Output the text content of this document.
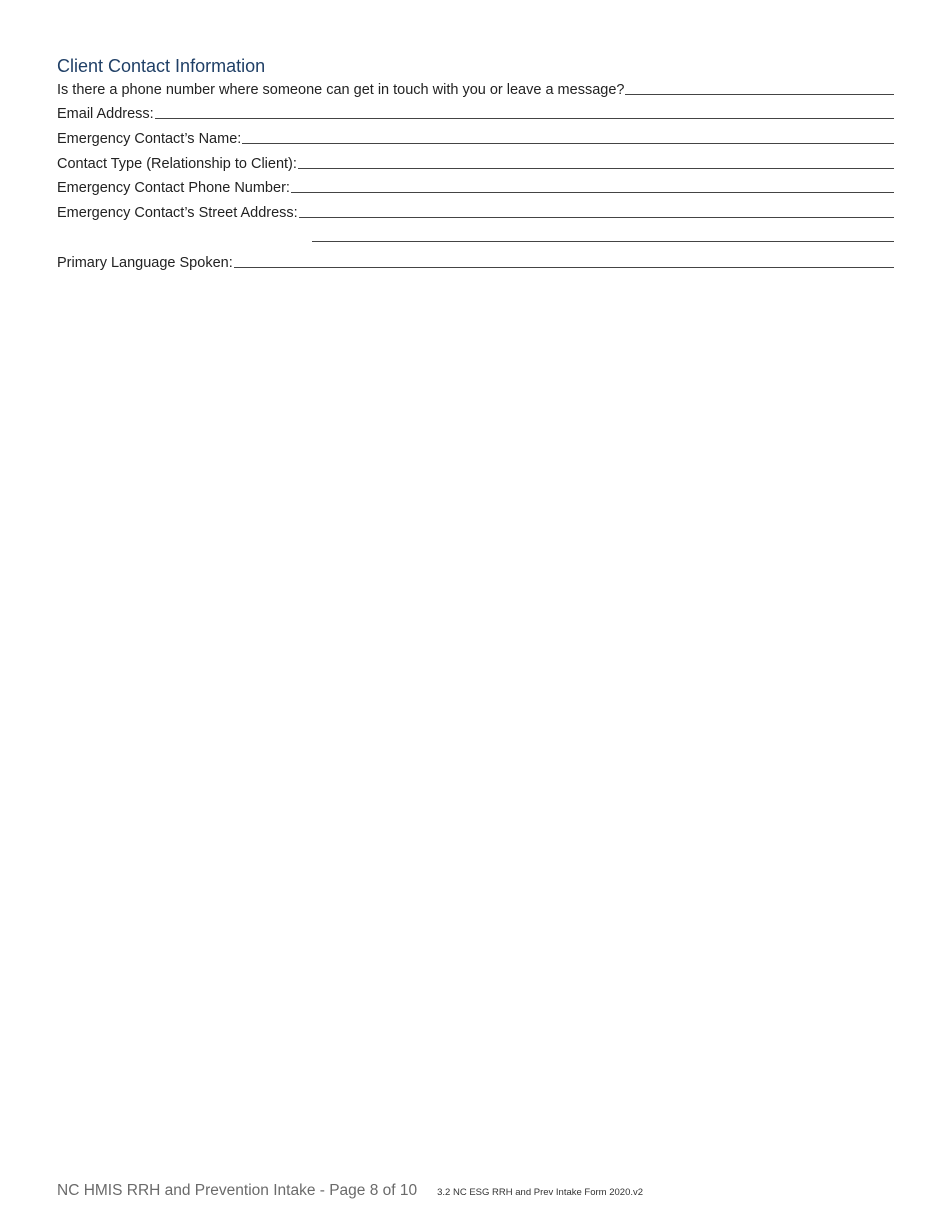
Client Contact Information
Is there a phone number where someone can get in touch with you or leave a message?
Email Address:
Emergency Contact’s Name:
Contact Type (Relationship to Client):
Emergency Contact Phone Number:
Emergency Contact’s Street Address:
Primary Language Spoken:
NC HMIS RRH and Prevention Intake - Page 8 of 10 3.2 NC ESG RRH and Prev Intake Form 2020.v2
